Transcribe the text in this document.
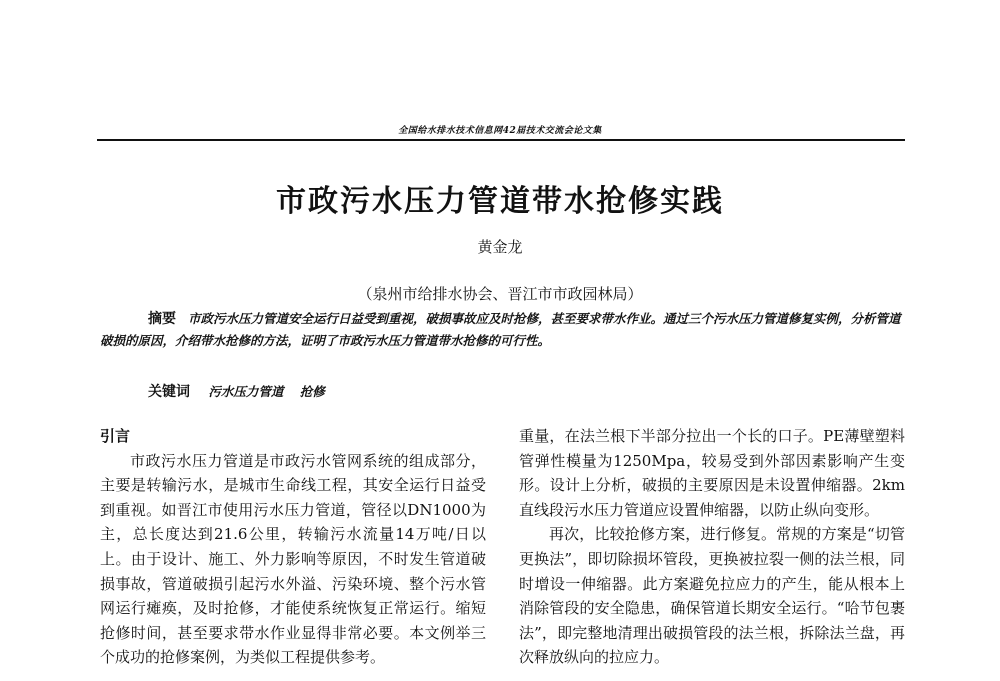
全国给水排水技术信息网42届技术交流会论文集
市政污水压力管道带水抢修实践
黄金龙
（泉州市给排水协会、晋江市市政园林局）
摘要 市政污水压力管道安全运行日益受到重视，破损事故应及时抢修，甚至要求带水作业。通过三个污水压力管道修复实例，分析管道破损的原因，介绍带水抢修的方法，证明了市政污水压力管道带水抢修的可行性。
关键词 污水压力管道 抢修

引言

市政污水压力管道是市政污水管网系统的组成部分，主要是转输污水，是城市生命线工程，其安全运行日益受到重视。如晋江市使用污水压力管道，管径以DN1000为主，总长度达到21.6公里，转输污水流量14万吨/日以上。由于设计、施工、外力影响等原因，不时发生管道破损事故，管道破损引起污水外溢、污染环境、整个污水管网运行瘫痪，及时抢修，才能使系统恢复正常运行。缩短抢修时间，甚至要求带水作业显得非常必要。本文例举三个成功的抢修案例，为类似工程提供参考。

重量，在法兰根下半部分拉出一个长的口子。PE薄壁塑料管弹性模量为1250Mpa，较易受到外部因素影响产生变形。设计上分析，破损的主要原因是未设置伸缩器。2km直线段污水压力管道应设置伸缩器，以防止纵向变形。

再次，比较抢修方案，进行修复。常规的方案是“切管更换法”，即切除损坏管段，更换被拉裂一侧的法兰根，同时增设一伸缩器。此方案避免拉应力的产生，能从根本上消除管段的安全隐患，确保管道长期安全运行。“哈节包裹法”，即完整地清理出破损管段的法兰根，拆除法兰盘，再次释放纵向的拉应力。
